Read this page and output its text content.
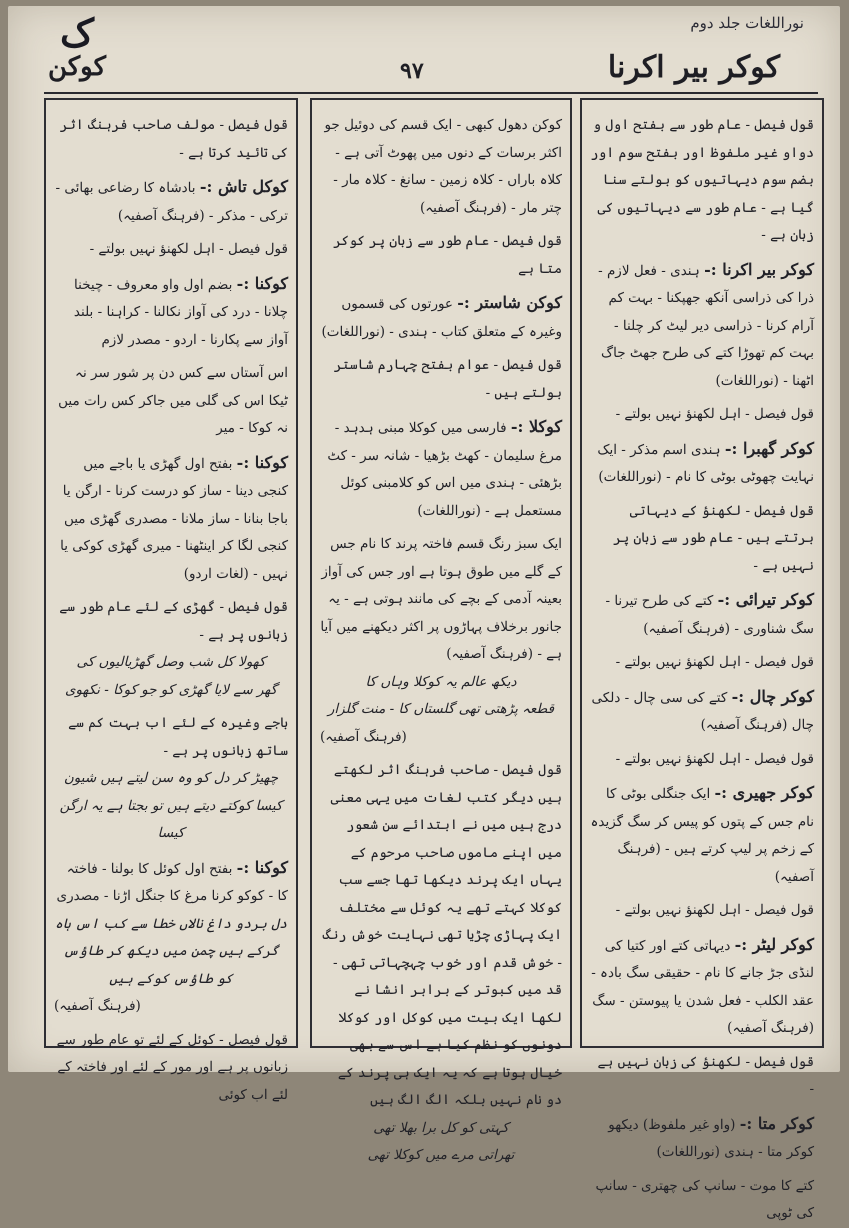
نوراللغات جلد دوم
ک
کوکن	۹۷	کوکر بیر اکرنا

قول فیصل - عام طور سے بفتح اول و دواو غیر ملفوظ اور بفتح سوم اور بضم سوم دیہاتیوں کو بولتے سنا گیا ہے - عام طور سے دیہاتیوں کی زبان ہے -

کوکر بیر اکرنا :- ہندی - فعل لازم - ذرا کی ذراسی آنکھ جھپکنا - بہت کم آرام کرنا - ذراسی دیر لیٹ کر چلنا - بہت کم تھوڑا کتے کی طرح جھٹ جاگ اٹھنا - (نوراللغات)

قول فیصل - اہل لکھنؤ نہیں بولتے -

کوکر گھبرا :- ہندی اسم مذکر - ایک نہایت چھوٹی بوٹی کا نام - (نوراللغات)

قول فیصل - لکھنؤ کے دیہاتی برتتے ہیں - عام طور سے زبان پر نہیں ہے -

کوکر تیرائی :- کتے کی طرح تیرنا - سگ شناوری - (فرہنگ آصفیہ)

قول فیصل - اہل لکھنؤ نہیں بولتے -

کوکر چال :- کتے کی سی چال - دلکی چال (فرہنگ آصفیہ)

قول فیصل - اہل لکھنؤ نہیں بولتے -

کوکر جھیری :- ایک جنگلی بوٹی کا نام جس کے پتوں کو پیس کر سگ گزیدہ کے زخم پر لیپ کرتے ہیں - (فرہنگ آصفیہ)

قول فیصل - اہل لکھنؤ نہیں بولتے -

کوکر لیٹر :- دیہاتی کتے اور کتیا کی لنڈی جڑ جانے کا نام - حقیقی سگ بادہ - عقد الکلب - فعل شدن یا پیوستن - سگ (فرہنگ آصفیہ)

قول فیصل - لکھنؤ کی زبان نہیں ہے -

کوکر متا :- (واو غیر ملفوظ) دیکھو کوکر متا - ہندی (نوراللغات)

کتے کا موت - سانپ کی چھتری - سانپ کی ٹوپی

کوکن دھول کبھی - ایک قسم کی دوئیل جو اکثر برسات کے دنوں میں پھوٹ آتی ہے - کلاہ باراں - کلاہ زمین - سانغ - کلاہ مار - چتر مار - (فرہنگ آصفیہ)

قول فیصل - عام طور سے زبان پر کوکر متا ہے

کوکن شاستر :- عورتوں کی قسموں وغیرہ کے متعلق کتاب - ہندی - (نوراللغات)

قول فیصل - عوام بفتح چہارم شاستر بولتے ہیں -

کوکلا :- فارسی میں کوکلا مبنی ہدہد - مرغ سلیمان - کھٹ بڑھیا - شانہ سر - کٹ بڑھئی - ہندی میں اس کو کلامبنی کوئل مستعمل ہے - (نوراللغات)

ایک سبز رنگ قسم فاختہ پرند کا نام جس کے گلے میں طوق ہوتا ہے اور جس کی آواز بعینہ آدمی کے بچے کی مانند ہوتی ہے - یہ جانور برخلاف پہاڑوں پر اکثر دیکھنے میں آیا ہے - (فرہنگ آصفیہ)

دیکھ عالم یہ کوکلا وہاں کا

قطعہ پڑھتی تھی گلستاں کا - منت گلزار

(فرہنگ آصفیہ)

قول فیصل - صاحب فرہنگ اثر لکھتے ہیں دیگر کتب لغات میں یہی معنی درج ہیں میں نے ابتدائے سن شعور میں اپنے ماموں صاحب مرحوم کے یہاں ایک پرند دیکھا تھا جسے سب کوکلا کہتے تھے یہ کوئل سے مختلف ایک پہاڑی چڑیا تھی نہایت خوش رنگ - خوش قدم اور خوب چہچہاتی تھی - قد میں کبوتر کے برابر انشا نے لکھا ایک بیت میں کوکل اور کوکلا دونوں کو نظم کیا ہے اس سے بھی خیال ہوتا ہے کہ یہ ایک ہی پرند کے دو نام نہیں بلکہ الگ الگ ہیں

کہتی کو کل برا بھلا تھی

تھراتی مرے میں کوکلا تھی

قول فیصل - مولف صاحب فرہنگ اثر کی تائید کرتا ہے -

کوکل تاش :- بادشاہ کا رضاعی بھائی - ترکی - مذکر - (فرہنگ آصفیہ)

قول فیصل - اہل لکھنؤ نہیں بولتے -

کوکنا :- بضم اول واو معروف - چیخنا چلانا - درد کی آواز نکالنا - کراہنا - بلند آواز سے پکارنا - اردو - مصدر لازم

اس آستاں سے کس دن پر شور سر نہ ٹیکا اس کی گلی میں جاکر کس رات میں نہ کوکا - میر

کوکنا :- بفتح اول گھڑی یا باجے میں کنجی دینا - ساز کو درست کرنا - ارگن یا باجا بنانا - ساز ملانا - مصدری گھڑی میں کنجی لگا کر اینٹھنا - میری گھڑی کوکی یا نہیں - (لغات اردو)

قول فیصل - گھڑی کے لئے عام طور سے زبانوں پر ہے -

کھولا کل شب وصل گھڑیالیوں کی

گھر سے لایا گھڑی کو جو کوکا - نکھوی

باجے وغیرہ کے لئے اب بہت کم سے ساتھ زبانوں پر ہے -

چھیڑ کر دل کو وہ سن لیتے ہیں شیون کیسا کوکتے دیتے ہیں تو بجتا ہے یہ ارگن کیسا

کوکنا :- بفتح اول کوئل کا بولنا - فاختہ کا - کوکو کرنا مرغ کا جنگل اڑنا - مصدری

دل بردو داغ نالاں خطا سے کب اس ہاہ گرکے ہیں چمن میں دیکھ کر طاؤس کو طاؤس کوکے ہیں

(فرہنگ آصفیہ)

قول فیصل - کوئل کے لئے تو عام طور سے زبانوں پر ہے اور مور کے لئے اور فاختہ کے لئے اب کوئی
